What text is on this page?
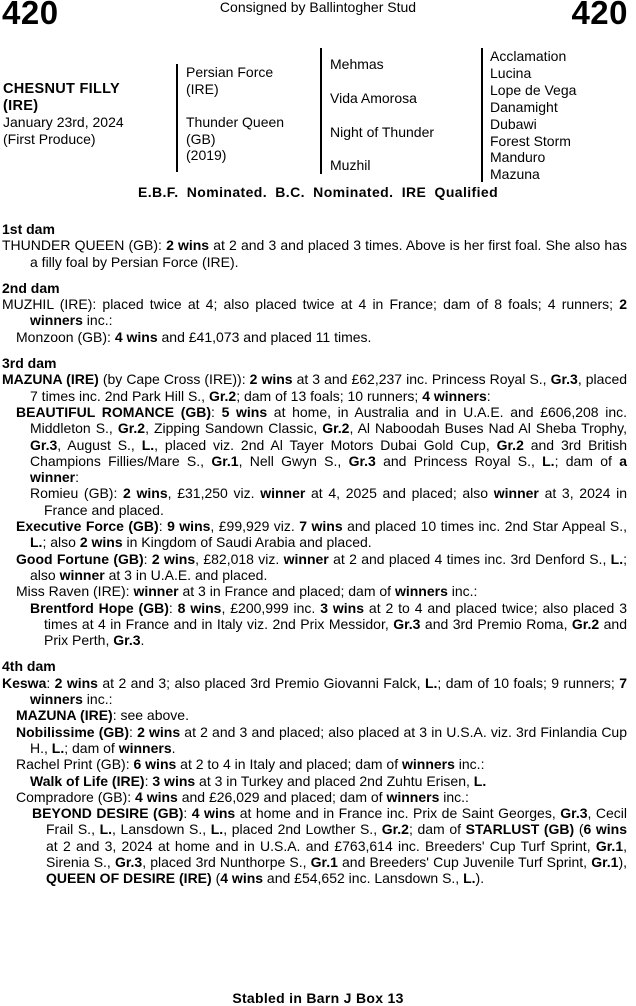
420	Consigned by Ballintogher Stud	420
CHESNUT FILLY
(IRE)
January 23rd, 2024
(First Produce)
Persian Force
(IRE)
Thunder Queen
(GB)
(2019)
Mehmas
Vida Amorosa
Night of Thunder
Muzhil
Acclamation
Lucina
Lope de Vega
Danamight
Dubawi
Forest Storm
Manduro
Mazuna
E.B.F. Nominated. B.C. Nominated. IRE Qualified
1st dam

THUNDER QUEEN (GB): 2 wins at 2 and 3 and placed 3 times. Above is her first foal. She also has a filly foal by Persian Force (IRE).

2nd dam

MUZHIL (IRE): placed twice at 4; also placed twice at 4 in France; dam of 8 foals; 4 runners; 2 winners inc.:

Monzoon (GB): 4 wins and £41,073 and placed 11 times.

3rd dam

MAZUNA (IRE) (by Cape Cross (IRE)): 2 wins at 3 and £62,237 inc. Princess Royal S., Gr.3, placed 7 times inc. 2nd Park Hill S., Gr.2; dam of 13 foals; 10 runners; 4 winners:

BEAUTIFUL ROMANCE (GB): 5 wins at home, in Australia and in U.A.E. and £606,208 inc. Middleton S., Gr.2, Zipping Sandown Classic, Gr.2, Al Naboodah Buses Nad Al Sheba Trophy, Gr.3, August S., L., placed viz. 2nd Al Tayer Motors Dubai Gold Cup, Gr.2 and 3rd British Champions Fillies/Mare S., Gr.1, Nell Gwyn S., Gr.3 and Princess Royal S., L.; dam of a winner:

Romieu (GB): 2 wins, £31,250 viz. winner at 4, 2025 and placed; also winner at 3, 2024 in France and placed.

Executive Force (GB): 9 wins, £99,929 viz. 7 wins and placed 10 times inc. 2nd Star Appeal S., L.; also 2 wins in Kingdom of Saudi Arabia and placed.

Good Fortune (GB): 2 wins, £82,018 viz. winner at 2 and placed 4 times inc. 3rd Denford S., L.; also winner at 3 in U.A.E. and placed.

Miss Raven (IRE): winner at 3 in France and placed; dam of winners inc.:

Brentford Hope (GB): 8 wins, £200,999 inc. 3 wins at 2 to 4 and placed twice; also placed 3 times at 4 in France and in Italy viz. 2nd Prix Messidor, Gr.3 and 3rd Premio Roma, Gr.2 and Prix Perth, Gr.3.

4th dam

Keswa: 2 wins at 2 and 3; also placed 3rd Premio Giovanni Falck, L.; dam of 10 foals; 9 runners; 7 winners inc.:

MAZUNA (IRE): see above.

Nobilissime (GB): 2 wins at 2 and 3 and placed; also placed at 3 in U.S.A. viz. 3rd Finlandia Cup H., L.; dam of winners.

Rachel Print (GB): 6 wins at 2 to 4 in Italy and placed; dam of winners inc.:

Walk of Life (IRE): 3 wins at 3 in Turkey and placed 2nd Zuhtu Erisen, L.

Compradore (GB): 4 wins and £26,029 and placed; dam of winners inc.:

BEYOND DESIRE (GB): 4 wins at home and in France inc. Prix de Saint Georges, Gr.3, Cecil Frail S., L., Lansdown S., L., placed 2nd Lowther S., Gr.2; dam of STARLUST (GB) (6 wins at 2 and 3, 2024 at home and in U.S.A. and £763,614 inc. Breeders' Cup Turf Sprint, Gr.1, Sirenia S., Gr.3, placed 3rd Nunthorpe S., Gr.1 and Breeders' Cup Juvenile Turf Sprint, Gr.1), QUEEN OF DESIRE (IRE) (4 wins and £54,652 inc. Lansdown S., L.).

Stabled in Barn J Box 13
